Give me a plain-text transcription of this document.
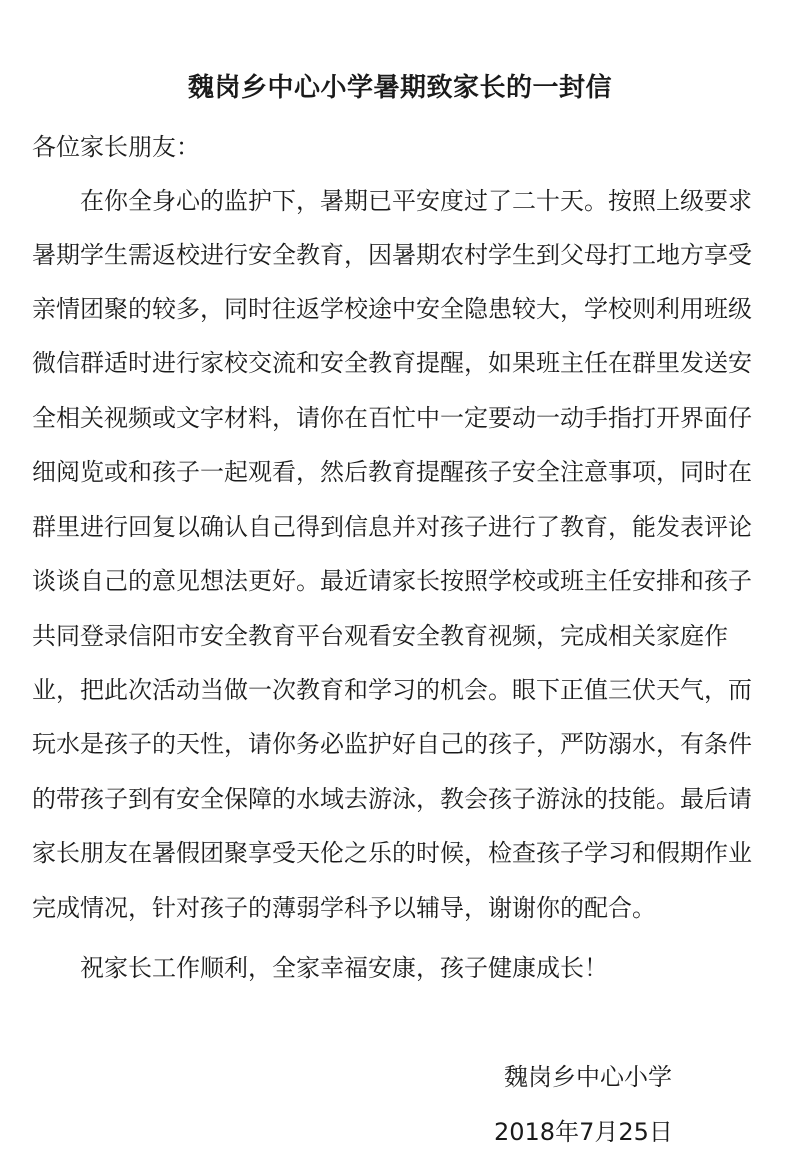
魏岗乡中心小学暑期致家长的一封信
各位家长朋友：
在你全身心的监护下，暑期已平安度过了二十天。按照上级要求
暑期学生需返校进行安全教育，因暑期农村学生到父母打工地方享受
亲情团聚的较多，同时往返学校途中安全隐患较大，学校则利用班级
微信群适时进行家校交流和安全教育提醒，如果班主任在群里发送安
全相关视频或文字材料，请你在百忙中一定要动一动手指打开界面仔
细阅览或和孩子一起观看，然后教育提醒孩子安全注意事项，同时在
群里进行回复以确认自己得到信息并对孩子进行了教育，能发表评论
谈谈自己的意见想法更好。最近请家长按照学校或班主任安排和孩子
共同登录信阳市安全教育平台观看安全教育视频，完成相关家庭作
业，把此次活动当做一次教育和学习的机会。眼下正值三伏天气，而
玩水是孩子的天性，请你务必监护好自己的孩子，严防溺水，有条件
的带孩子到有安全保障的水域去游泳，教会孩子游泳的技能。最后请
家长朋友在暑假团聚享受天伦之乐的时候，检查孩子学习和假期作业
完成情况，针对孩子的薄弱学科予以辅导，谢谢你的配合。
祝家长工作顺利，全家幸福安康，孩子健康成长！
魏岗乡中心小学
2018年7月25日
